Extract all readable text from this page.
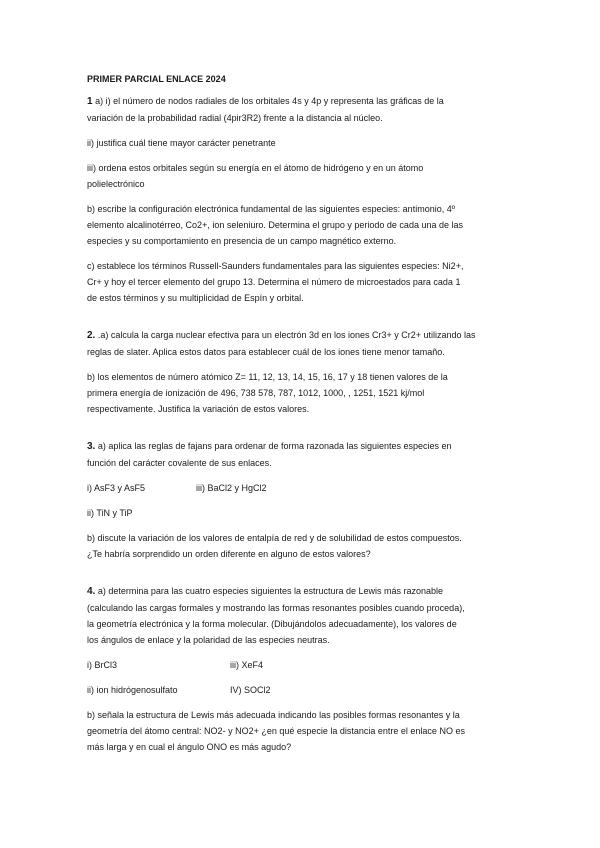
PRIMER PARCIAL ENLACE 2024
1 a) i) el número de nodos radiales de los orbitales 4s y 4p y representa las gráficas de la
variación de la probabilidad radial (4pir3R2) frente a la distancia al núcleo.
ii) justifica cuál tiene mayor carácter penetrante
iii) ordena estos orbitales según su energía en el átomo de hidrógeno y en un átomo
polielectrónico
b) escribe la configuración electrónica fundamental de las siguientes especies: antimonio, 4º
elemento alcalinotérreo, Co2+, ion seleniuro. Determina el grupo y periodo de cada una de las
especies y su comportamiento en presencia de un campo magnético externo.
c) establece los términos Russell-Saunders fundamentales para las siguientes especies: Ni2+,
Cr+ y hoy el tercer elemento del grupo 13. Determina el número de microestados para cada 1
de estos términos y su multiplicidad de Espín y orbital.
2. .a) calcula la carga nuclear efectiva para un electrón 3d en los iones Cr3+ y Cr2+ utilizando las
reglas de slater. Aplica estos datos para establecer cuál de los iones tiene menor tamaño.
b) los elementos de número atómico Z= 11, 12, 13, 14, 15, 16, 17 y 18 tienen valores de la
primera energía de ionización de 496, 738 578, 787, 1012, 1000, , 1251, 1521 kj/mol
respectivamente. Justifica la variación de estos valores.
3. a) aplica las reglas de fajans para ordenar de forma razonada las siguientes especies en
función del carácter covalente de sus enlaces.
i) AsF3 y AsF5	iii) BaCl2 y HgCl2
ii) TiN y TiP
b) discute la variación de los valores de entalpía de red y de solubilidad de estos compuestos.
¿Te habría sorprendido un orden diferente en alguno de estos valores?
4. a) determina para las cuatro especies siguientes la estructura de Lewis más razonable
(calculando las cargas formales y mostrando las formas resonantes posibles cuando proceda),
la geometría electrónica y la forma molecular. (Dibujándolos adecuadamente), los valores de
los ángulos de enlace y la polaridad de las especies neutras.
i) BrCl3	iii) XeF4
ii) ion hidrógenosulfato	IV) SOCl2
b) señala la estructura de Lewis más adecuada indicando las posibles formas resonantes y la
geometría del átomo central: NO2- y NO2+ ¿en qué especie la distancia entre el enlace NO es
más larga y en cual el ángulo ONO es más agudo?
